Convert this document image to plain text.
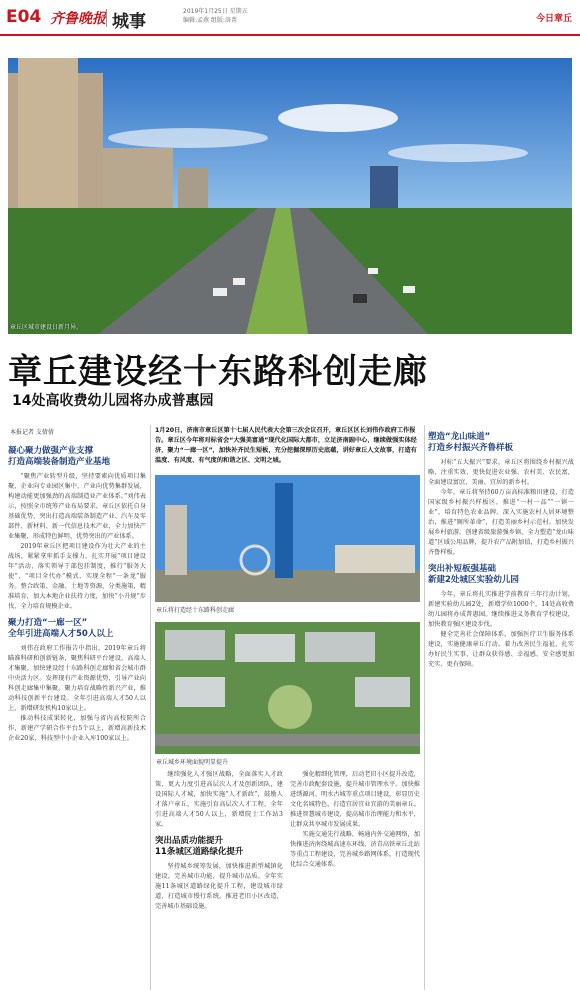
E04 齐鲁晚报 城事
2019年1月25日 星期五
编辑:孟燕 组版:洛菁	今日章丘
章丘区城市建设日新月异。
章丘建设经十东路科创走廊
14处高收费幼儿园将办成普惠园
本报记者 支倩倩
凝心聚力做强产业支撑
打造高端装备制造产业基地

“聚焦产业转型升级，坚持要素向优质项目集聚、企业向专业园区集中、产业向优势集群发展，构建动能更加强劲的高端制造业产业体系。”刘伟表示，按照全市统筹产业布局要求，章丘区依托自身基础优势，突出打造高端装备制造产业、汽车及零部件、新材料、新一代信息技术产业，全力加快产业集聚，形成特色鲜明、优势突出的产业体系。

2019年章丘区把项目建设作为壮大产业的主战场，紧紧拿牢抓手支撑力，扎实开展“项目建设年”活动，落实领导干部包挂制度，推行“服务大使”、“项目全代办”模式，实现全程“一条龙”服务。整合政策、金融、土地等资源，分类施策，精准培育，加大本地企业扶持力度，加快“小升规”步伐，全力培育规模企业。

聚力打造“一廊一区”
全年引进高端人才50人以上

刘伟在政府工作报告中指出，2019年章丘将瞄准科研和创新链条，聚焦科研平台建设、高端人才集聚，加快建设经十东路科创走廊和省会城市群中央活力区。发挥现有产业资源优势，引导产业向科创走廊集中集聚。聚力培育战略性新兴产业，推动科技创新平台建设。全年引进高端人才50人以上，新增研发机构10家以上。

推动科技成果转化，加强与省内高校院所合作，新建产学研合作平台5个以上，新增高新技术企业20家，科技型中小企业入库100家以上。

1月20日，济南市章丘区第十七届人民代表大会第三次会议召开，章丘区区长刘伟作政府工作报告。章丘区今年将对标省会“大强美富通”现代化国际大都市，立足济南副中心，继续做强实体经济，聚力“一廊一区”，加快补齐民生短板，充分挖掘深厚历史底蕴，讲好章丘人文故事，打造有温度、有风度、有气度的和谐之区、文明之城。
章丘将打造经十东路科创走廊
章丘城乡环境面貌明显提升

继续强化人才强区战略，全面落实人才政策，更大力度引进高层次人才及创新团队，建设国际人才城，加快实施“人才新政”，鼓励人才落户章丘，实施引育高层次人才工程，全年引进高端人才50人以上，新增院士工作站3家。

突出品质功能提升
11条城区道路绿化提升

坚持城乡统筹发展，加快推进新型城镇化建设，完善城市功能，提升城市品质。全年实施11条城区道路绿化提升工程，建设城市绿道，打造城市慢行系统。推进老旧小区改造，完善城市基础设施。

强化精细化管理，启动老旧小区提升改造，完善市政配套设施，提升城市管理水平。加快推进绣源河、明水古城等重点项目建设，彰显历史文化名城特色，打造宜居宜业宜游的美丽章丘。推进智慧城市建设，提高城市治理能力和水平，让群众共享城市发展成果。

实施交通先行战略，畅通内外交通网络，加快推进济南绕城高速东环线、济青高铁章丘北站等重点工程建设，完善城乡路网体系，打造现代化综合交通体系。

塑造“龙山味道”
打造乡村振兴齐鲁样板

对标“五大振兴”要求，章丘区将围绕乡村振兴战略，注重实效、更快促进农业强、农村美、农民富，全面建设富庶、美丽、宜居的新乡村。

今年，章丘将坚持60万亩高标准粮田建设，打造国家级乡村振兴样板区，推进“一村一品”“一镇一业”，培育特色农业品牌。深入实施农村人居环境整治，推进“厕所革命”，打造美丽乡村示范村。加快发展乡村旅游，创建省级旅游强乡镇，全力塑造“龙山味道”区域公用品牌，提升农产品附加值，打造乡村振兴齐鲁样板。

突出补短板强基础
新建2处城区实验幼儿园

今年，章丘将扎实推进学前教育三年行动计划，新建实验幼儿园2处，新增学位1000个，14处高收费幼儿园将办成普惠园。继续推进义务教育学校建设，加快教育强区建设步伐。

健全完善社会保障体系，加强医疗卫生服务体系建设，实施健康章丘行动。着力改善民生福祉，扎实办好民生实事，让群众获得感、幸福感、安全感更加充实、更有保障。
